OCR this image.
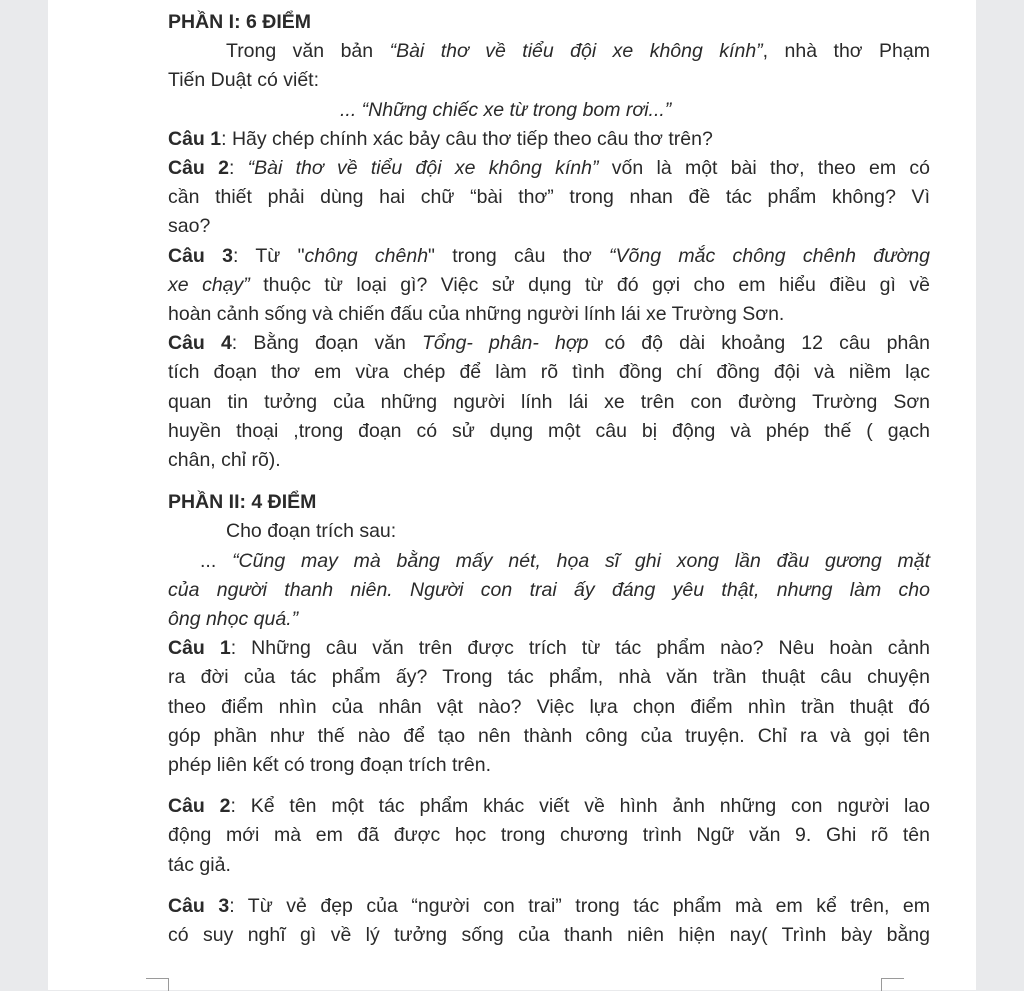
PHẦN I: 6 ĐIỂM
Trong văn bản “Bài thơ về tiểu đội xe không kính”, nhà thơ Phạm
Tiến Duật có viết:
... “Những chiếc xe từ trong bom rơi...”
Câu 1: Hãy chép chính xác bảy câu thơ tiếp theo câu thơ trên?
Câu 2: “Bài thơ về tiểu đội xe không kính” vốn là một bài thơ, theo em có
cần thiết phải dùng hai chữ “bài thơ” trong nhan đề tác phẩm không? Vì
sao?
Câu 3: Từ "chông chênh" trong câu thơ “Võng mắc chông chênh đường
xe chạy” thuộc từ loại gì? Việc sử dụng từ đó gợi cho em hiểu điều gì về
hoàn cảnh sống và chiến đấu của những người lính lái xe Trường Sơn.
Câu 4: Bằng đoạn văn Tổng- phân- hợp có độ dài khoảng 12 câu phân
tích đoạn thơ em vừa chép để làm rõ tình đồng chí đồng đội và niềm lạc
quan tin tưởng của những người lính lái xe trên con đường Trường Sơn
huyền thoại ,trong đoạn có sử dụng một câu bị động và phép thế ( gạch
chân, chỉ rõ).
PHẦN II: 4 ĐIỂM
Cho đoạn trích sau:
... “Cũng may mà bằng mấy nét, họa sĩ ghi xong lần đầu gương mặt
của người thanh niên. Người con trai ấy đáng yêu thật, nhưng làm cho
ông nhọc quá.”
Câu 1: Những câu văn trên được trích từ tác phẩm nào? Nêu hoàn cảnh
ra đời của tác phẩm ấy? Trong tác phẩm, nhà văn trần thuật câu chuyện
theo điểm nhìn của nhân vật nào? Việc lựa chọn điểm nhìn trần thuật đó
góp phần như thế nào để tạo nên thành công của truyện. Chỉ ra và gọi tên
phép liên kết có trong đoạn trích trên.
Câu 2: Kể tên một tác phẩm khác viết về hình ảnh những con người lao
động mới mà em đã được học trong chương trình Ngữ văn 9. Ghi rõ tên
tác giả.
Câu 3: Từ vẻ đẹp của “người con trai” trong tác phẩm mà em kể trên, em
có suy nghĩ gì về lý tưởng sống của thanh niên hiện nay( Trình bày bằng
